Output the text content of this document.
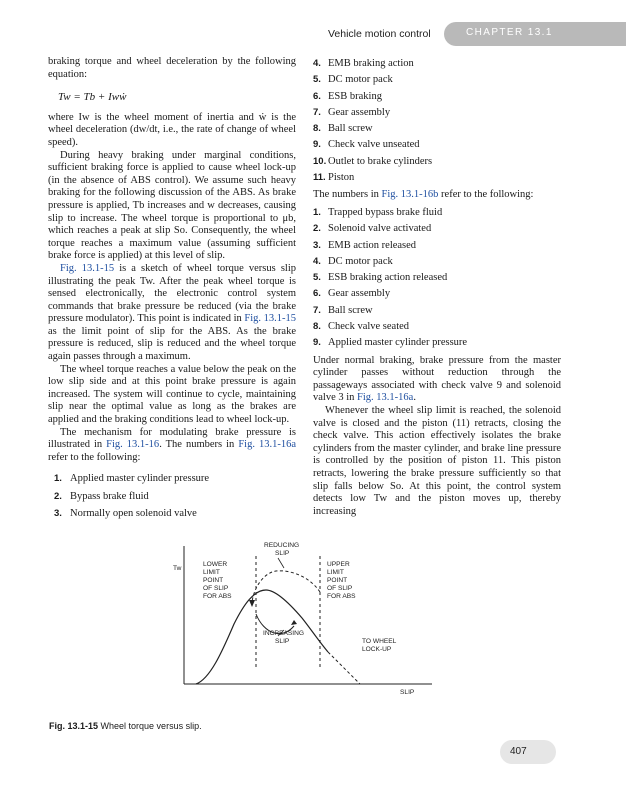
Vehicle motion control	CHAPTER 13.1

braking torque and wheel deceleration by the following equation:

Tw = Tb + Iwẇ

where Iw is the wheel moment of inertia and ẇ is the wheel deceleration (dw/dt, i.e., the rate of change of wheel speed).

During heavy braking under marginal conditions, sufficient braking force is applied to cause wheel lock-up (in the absence of ABS control). We assume such heavy braking for the following discussion of the ABS. As brake pressure is applied, Tb increases and w decreases, causing slip to increase. The wheel torque is proportional to μb, which reaches a peak at slip So. Consequently, the wheel torque reaches a maximum value (assuming sufficient brake force is applied) at this level of slip.

Fig. 13.1-15 is a sketch of wheel torque versus slip illustrating the peak Tw. After the peak wheel torque is sensed electronically, the electronic control system commands that brake pressure be reduced (via the brake pressure modulator). This point is indicated in Fig. 13.1-15 as the limit point of slip for the ABS. As the brake pressure is reduced, slip is reduced and the wheel torque again passes through a maximum.

The wheel torque reaches a value below the peak on the low slip side and at this point brake pressure is again increased. The system will continue to cycle, maintaining slip near the optimal value as long as the brakes are applied and the braking conditions lead to wheel lock-up.

The mechanism for modulating brake pressure is illustrated in Fig. 13.1-16. The numbers in Fig. 13.1-16a refer to the following:

1. Applied master cylinder pressure
2. Bypass brake fluid
3. Normally open solenoid valve
4. EMB braking action
5. DC motor pack
6. ESB braking
7. Gear assembly
8. Ball screw
9. Check valve unseated
10. Outlet to brake cylinders
11. Piston

The numbers in Fig. 13.1-16b refer to the following:

1. Trapped bypass brake fluid
2. Solenoid valve activated
3. EMB action released
4. DC motor pack
5. ESB braking action released
6. Gear assembly
7. Ball screw
8. Check valve seated
9. Applied master cylinder pressure

Under normal braking, brake pressure from the master cylinder passes without reduction through the passageways associated with check valve 9 and solenoid valve 3 in Fig. 13.1-16a.

Whenever the wheel slip limit is reached, the solenoid valve is closed and the piston (11) retracts, closing the check valve. This action effectively isolates the brake cylinders from the master cylinder, and brake line pressure is controlled by the position of piston 11. This piston retracts, lowering the brake pressure sufficiently so that slip falls below So. At this point, the control system detects low Tw and the piston moves up, thereby increasing

Tw
SLIP
REDUCING SLIP
LOWER LIMIT POINT OF SLIP FOR ABS
UPPER LIMIT POINT OF SLIP FOR ABS
INCREASING SLIP	TO WHEEL LOCK-UP
Fig. 13.1-15 Wheel torque versus slip.
407
